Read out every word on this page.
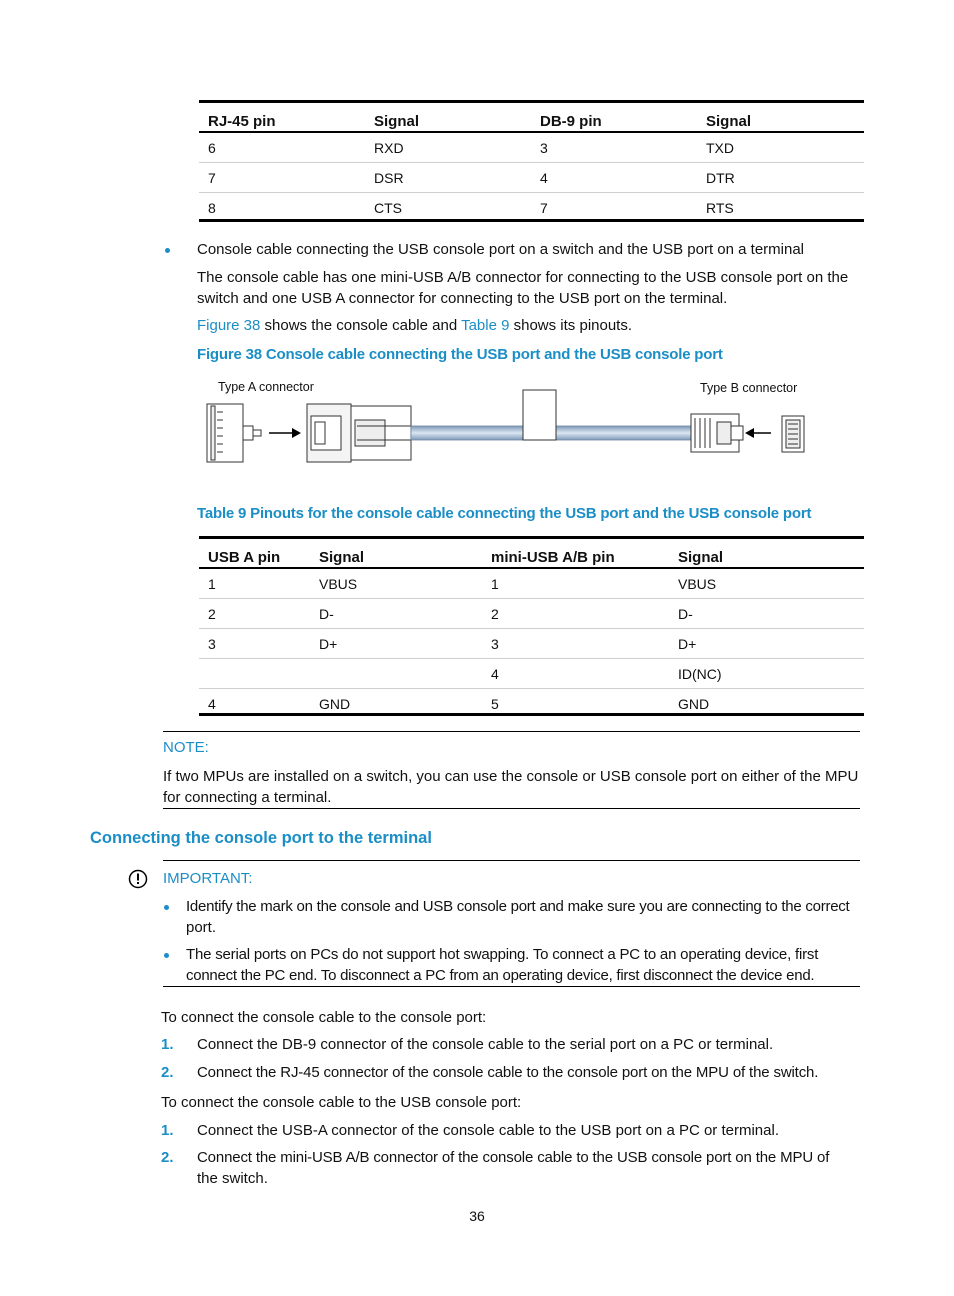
RJ-45 pin	Signal	DB-9 pin	Signal
6	RXD	3	TXD
7	DSR	4	DTR
8	CTS	7	RTS
Console cable connecting the USB console port on a switch and the USB port on a terminal
The console cable has one mini-USB A/B connector for connecting to the USB console port on the
switch and one USB A connector for connecting to the USB port on the terminal.
Figure 38 shows the console cable and Table 9 shows its pinouts.
Figure 38 Console cable connecting the USB port and the USB console port
Type A connector	Type B connector
Table 9 Pinouts for the console cable connecting the USB port and the USB console port
USB A pin	Signal	mini-USB A/B pin	Signal
1	VBUS	1	VBUS
2	D-	2	D-
3	D+	3	D+
		4	ID(NC)
4	GND	5	GND
NOTE:
If two MPUs are installed on a switch, you can use the console or USB console port on either of the MPU
for connecting a terminal.
Connecting the console port to the terminal
IMPORTANT:
Identify the mark on the console and USB console port and make sure you are connecting to the correct
port.
The serial ports on PCs do not support hot swapping. To connect a PC to an operating device, first
connect the PC end. To disconnect a PC from an operating device, first disconnect the device end.
To connect the console cable to the console port:
1. Connect the DB-9 connector of the console cable to the serial port on a PC or terminal.
2. Connect the RJ-45 connector of the console cable to the console port on the MPU of the switch.
To connect the console cable to the USB console port:
1. Connect the USB-A connector of the console cable to the USB port on a PC or terminal.
2. Connect the mini-USB A/B connector of the console cable to the USB console port on the MPU of
the switch.
36
